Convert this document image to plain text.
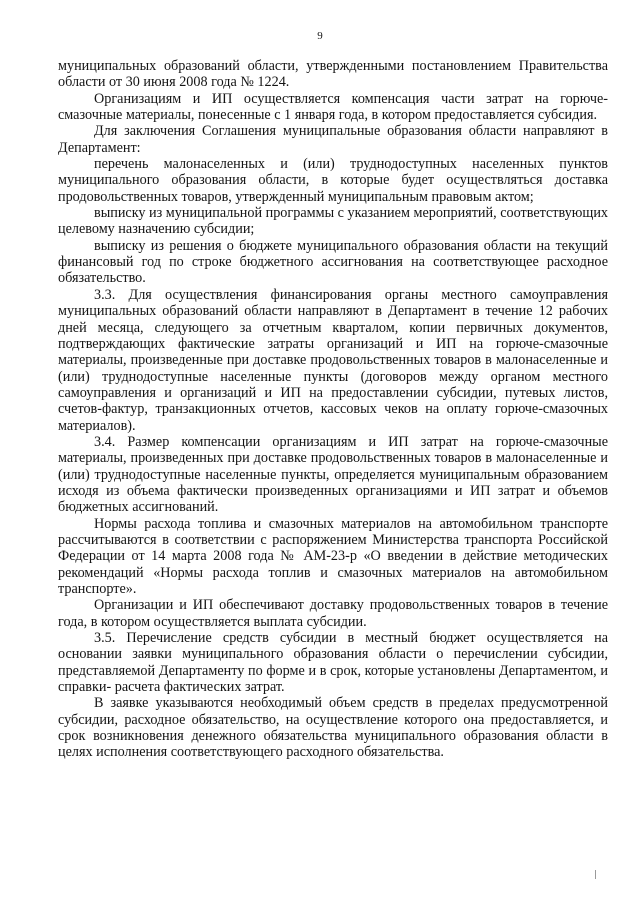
9

муниципальных образований области, утвержденными постановлением Правительства области от 30 июня 2008 года № 1224.

Организациям и ИП осуществляется компенсация части затрат на горюче-смазочные материалы, понесенные с 1 января года, в котором предоставляется субсидия.

Для заключения Соглашения муниципальные образования области направляют в Департамент:

перечень малонаселенных и (или) труднодоступных населенных пунктов муниципального образования области, в которые будет осуществляться доставка продовольственных товаров, утвержденный муниципальным правовым актом;

выписку из муниципальной программы с указанием мероприятий, соответствующих целевому назначению субсидии;

выписку из решения о бюджете муниципального образования области на текущий финансовый год по строке бюджетного ассигнования на соответствующее расходное обязательство.

3.3. Для осуществления финансирования органы местного самоуправления муниципальных образований области направляют в Департамент в течение 12 рабочих дней месяца, следующего за отчетным кварталом, копии первичных документов, подтверждающих фактические затраты организаций и ИП на горюче-смазочные материалы, произведенные при доставке продовольственных товаров в малонаселенные и (или) труднодоступные населенные пункты (договоров между органом местного самоуправления и организаций и ИП на предоставлении субсидии, путевых листов, счетов-фактур, транзакционных отчетов, кассовых чеков на оплату горюче-смазочных материалов).

3.4. Размер компенсации организациям и ИП затрат на горюче-смазочные материалы, произведенных при доставке продовольственных товаров в малонаселенные и (или) труднодоступные населенные пункты, определяется муниципальным образованием исходя из объема фактически произведенных организациями и ИП затрат и объемов бюджетных ассигнований.

Нормы расхода топлива и смазочных материалов на автомобильном транспорте рассчитываются в соответствии с распоряжением Министерства транспорта Российской Федерации от 14 марта 2008 года № АМ-23-р «О введении в действие методических рекомендаций «Нормы расхода топлив и смазочных материалов на автомобильном транспорте».

Организации и ИП обеспечивают доставку продовольственных товаров в течение года, в котором осуществляется выплата субсидии.

3.5. Перечисление средств субсидии в местный бюджет осуществляется на основании заявки муниципального образования области о перечислении субсидии, представляемой Департаменту по форме и в срок, которые установлены Департаментом, и справки- расчета фактических затрат.

В заявке указываются необходимый объем средств в пределах предусмотренной субсидии, расходное обязательство, на осуществление которого она предоставляется, и срок возникновения денежного обязательства муниципального образования области в целях исполнения соответствующего расходного обязательства.
